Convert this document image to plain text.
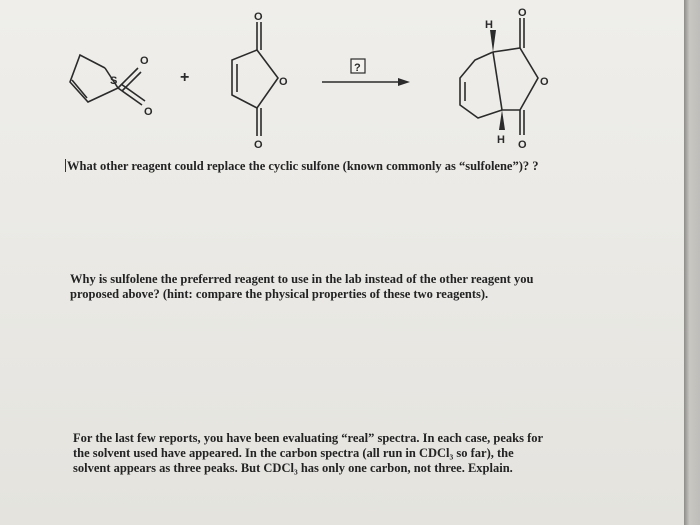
S
O
O
+
O
O
O
?
H
H
O
O
O
What other reagent could replace the cyclic sulfone (known commonly as “sulfolene”)? ?
Why is sulfolene the preferred reagent to use in the lab instead of the other reagent you
proposed above? (hint: compare the physical properties of these two reagents).
For the last few reports, you have been evaluating “real” spectra. In each case, peaks for
the solvent used have appeared. In the carbon spectra (all run in CDCl₃ so far), the
solvent appears as three peaks. But CDCl₃ has only one carbon, not three. Explain.
